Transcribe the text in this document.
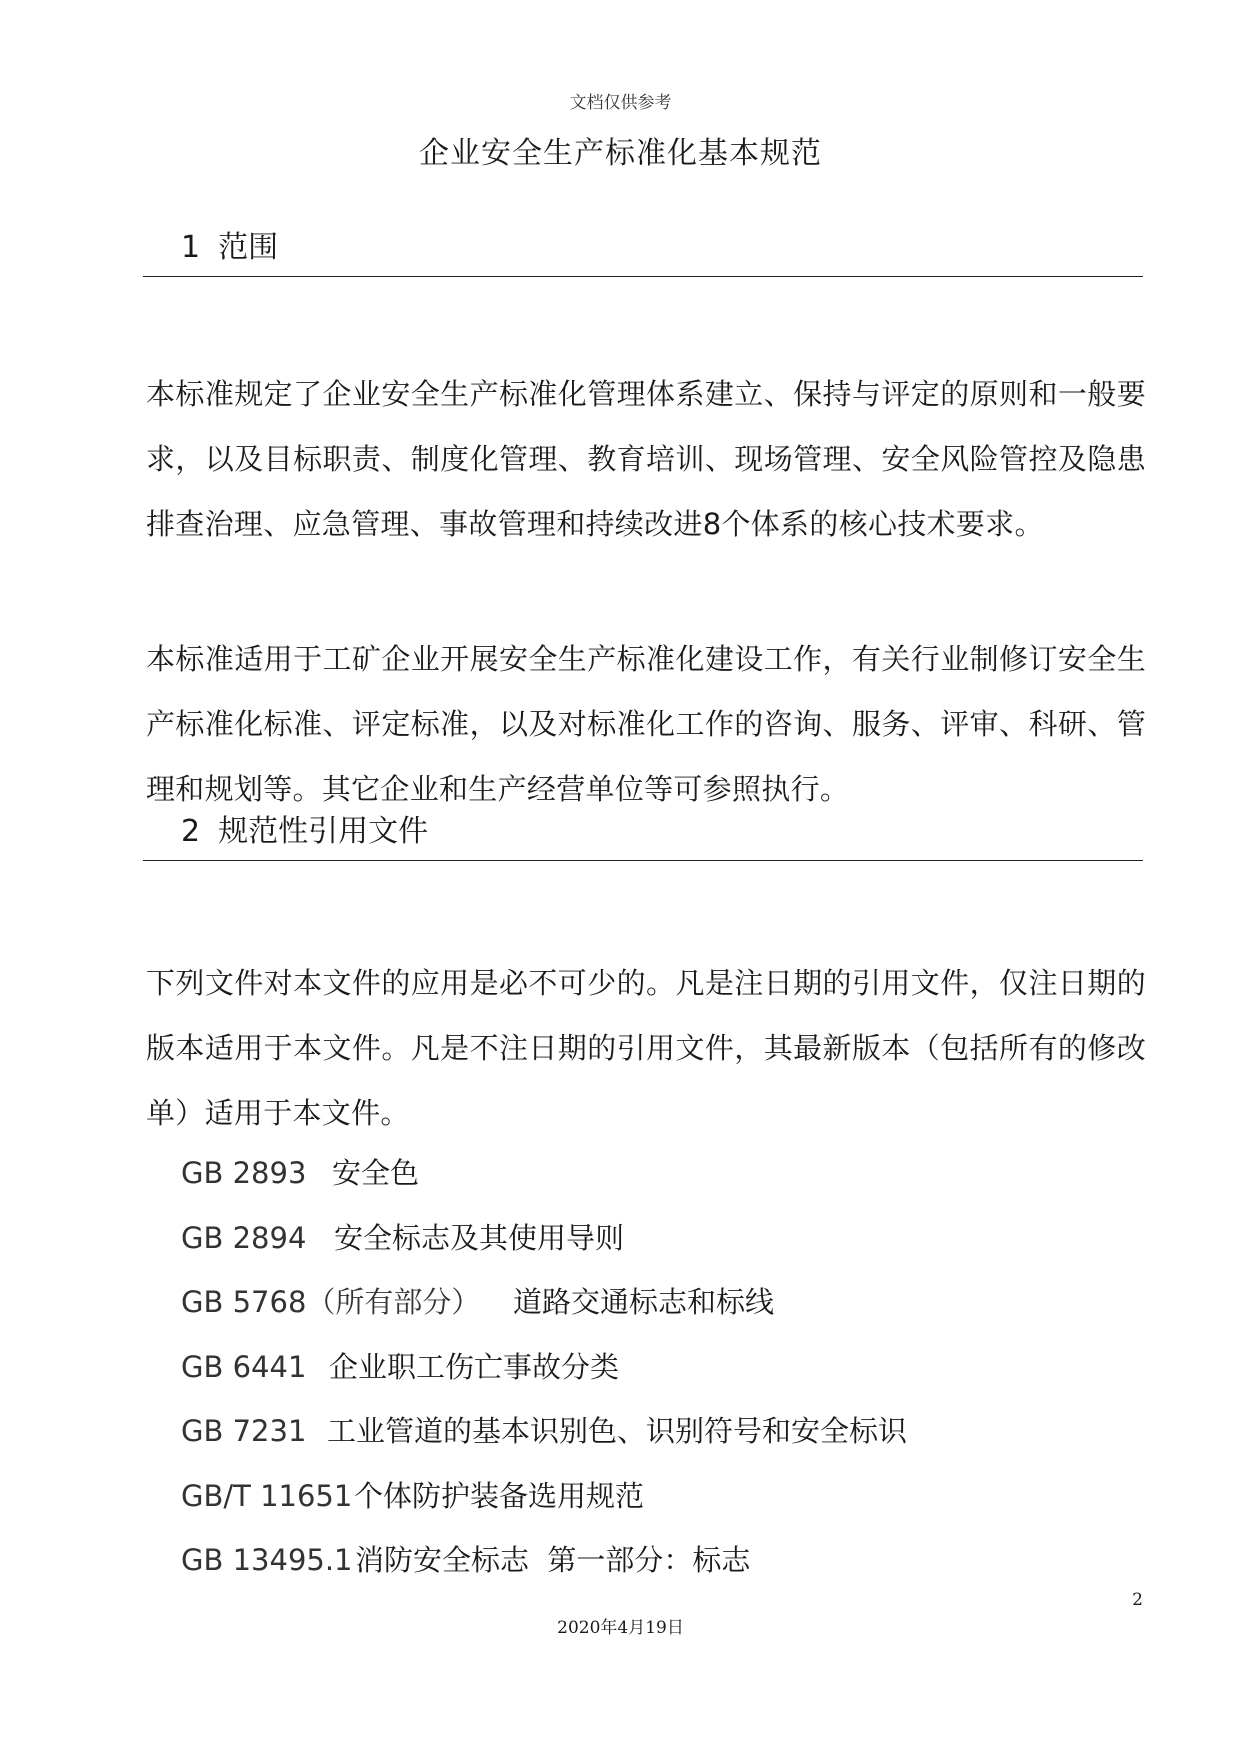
文档仅供参考
企业安全生产标准化基本规范
1 范围
本标准规定了企业安全生产标准化管理体系建立、保持与评定的原则和一般要求，以及目标职责、制度化管理、教育培训、现场管理、安全风险管控及隐患排查治理、应急管理、事故管理和持续改进8个体系的核心技术要求。
本标准适用于工矿企业开展安全生产标准化建设工作，有关行业制修订安全生产标准化标准、评定标准，以及对标准化工作的咨询、服务、评审、科研、管理和规划等。其它企业和生产经营单位等可参照执行。
2 规范性引用文件
下列文件对本文件的应用是必不可少的。凡是注日期的引用文件，仅注日期的版本适用于本文件。凡是不注日期的引用文件，其最新版本（包括所有的修改单）适用于本文件。
GB 2893 安全色
GB 2894 安全标志及其使用导则
GB 5768（所有部分） 道路交通标志和标线
GB 6441 企业职工伤亡事故分类
GB 7231 工业管道的基本识别色、识别符号和安全标识
GB/T 11651个体防护装备选用规范
GB 13495.1消防安全标志  第一部分：标志
2
2020年4月19日
